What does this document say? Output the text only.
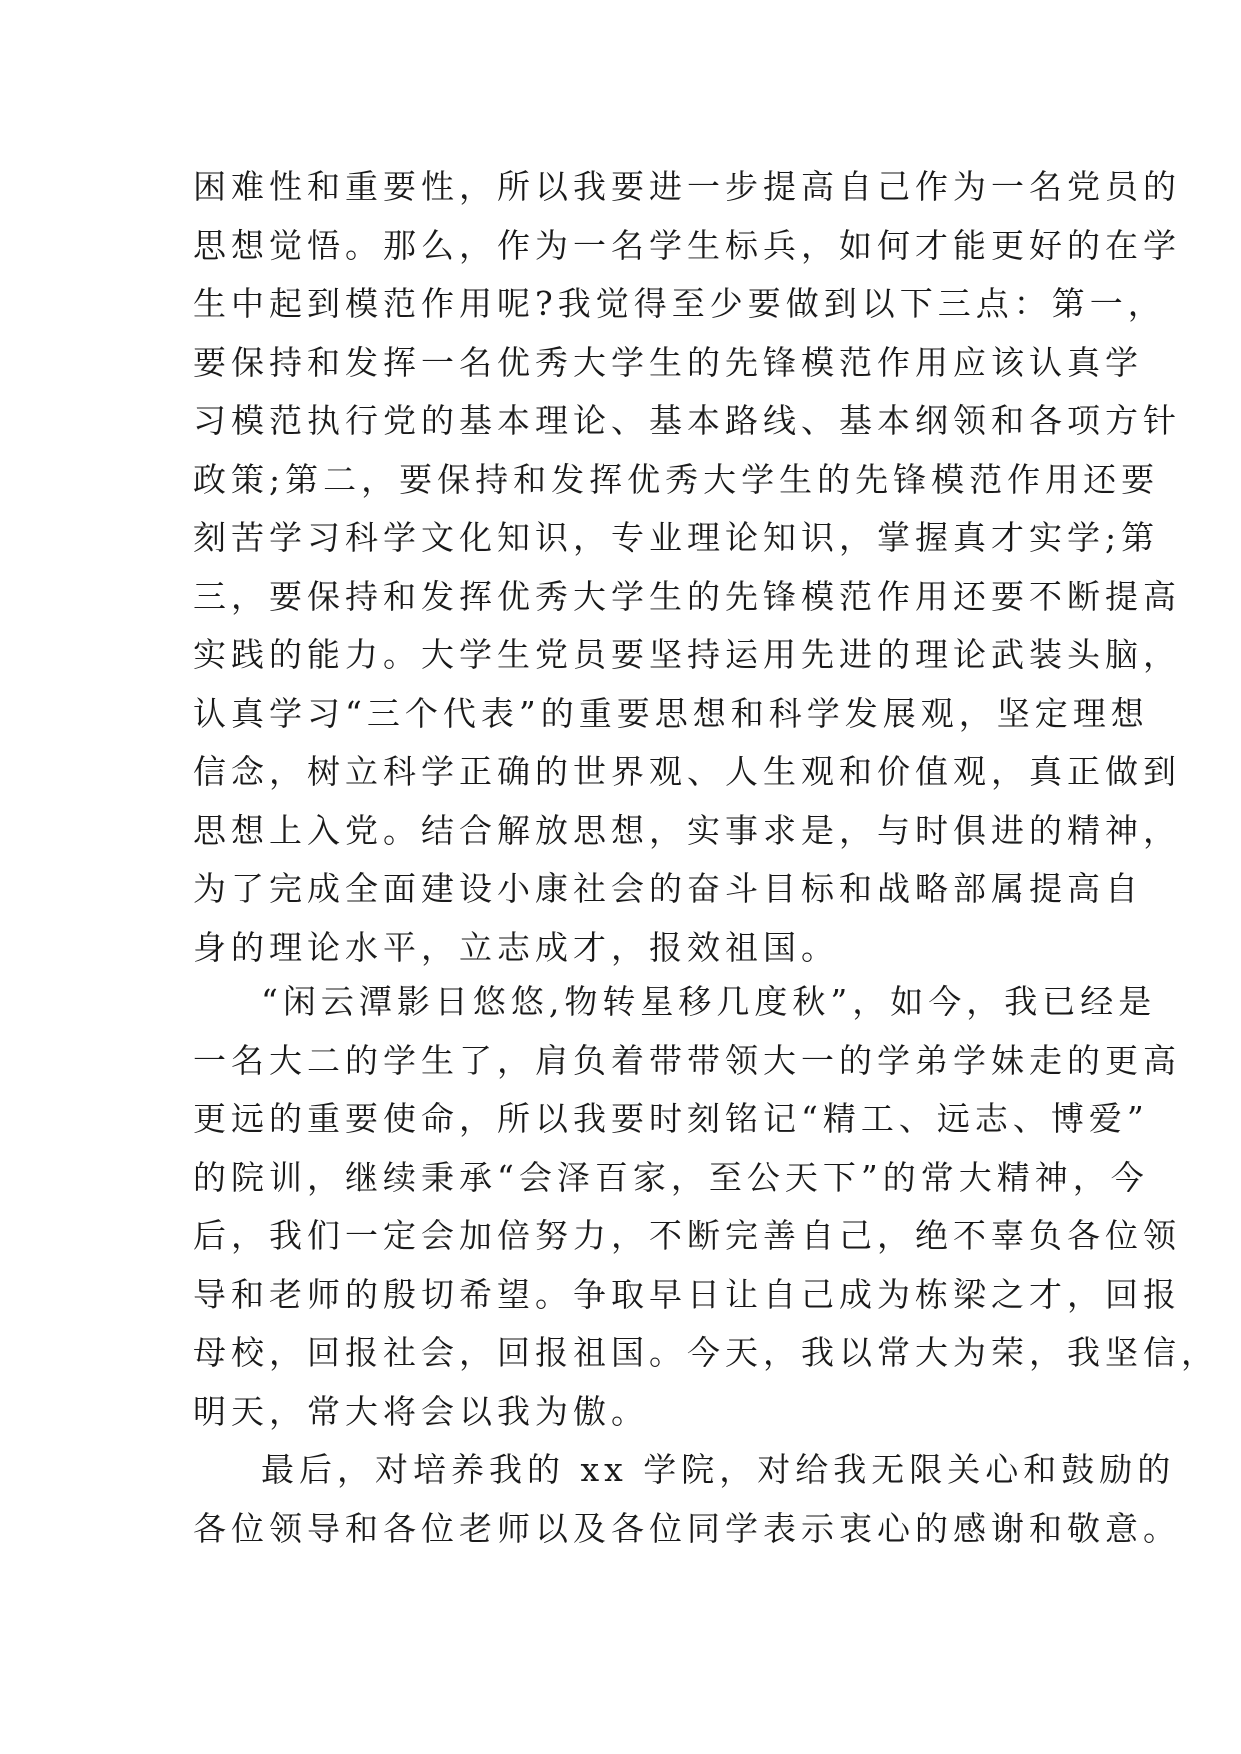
困难性和重要性，所以我要进一步提高自己作为一名党员的
思想觉悟。那么，作为一名学生标兵，如何才能更好的在学
生中起到模范作用呢?我觉得至少要做到以下三点：第一，
要保持和发挥一名优秀大学生的先锋模范作用应该认真学
习模范执行党的基本理论、基本路线、基本纲领和各项方针
政策;第二，要保持和发挥优秀大学生的先锋模范作用还要
刻苦学习科学文化知识，专业理论知识，掌握真才实学;第
三，要保持和发挥优秀大学生的先锋模范作用还要不断提高
实践的能力。大学生党员要坚持运用先进的理论武装头脑，
认真学习“三个代表”的重要思想和科学发展观，坚定理想
信念，树立科学正确的世界观、人生观和价值观，真正做到
思想上入党。结合解放思想，实事求是，与时俱进的精神，
为了完成全面建设小康社会的奋斗目标和战略部属提高自
身的理论水平，立志成才，报效祖国。
“闲云潭影日悠悠,物转星移几度秋”，如今，我已经是
一名大二的学生了，肩负着带带领大一的学弟学妹走的更高
更远的重要使命，所以我要时刻铭记“精工、远志、博爱”
的院训，继续秉承“会泽百家，至公天下”的常大精神，今
后，我们一定会加倍努力，不断完善自己，绝不辜负各位领
导和老师的殷切希望。争取早日让自己成为栋梁之才，回报
母校，回报社会，回报祖国。今天，我以常大为荣，我坚信，
明天，常大将会以我为傲。
最后，对培养我的 xx 学院，对给我无限关心和鼓励的
各位领导和各位老师以及各位同学表示衷心的感谢和敬意。
